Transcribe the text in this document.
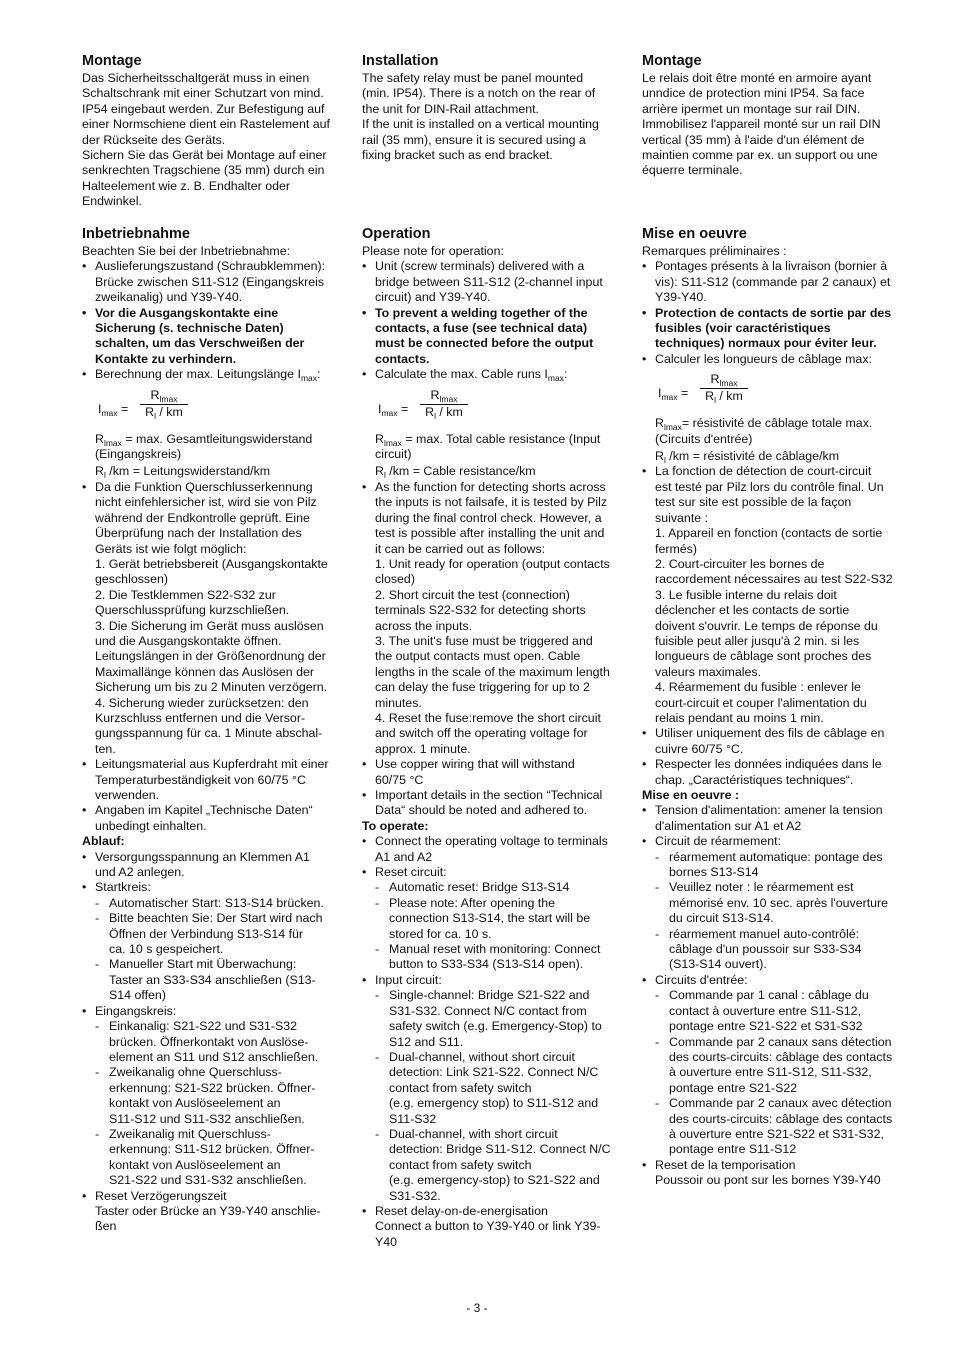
Montage
Das Sicherheitsschaltgerät muss in einen
Schaltschrank mit einer Schutzart von mind.
IP54 eingebaut werden. Zur Befestigung auf
einer Normschiene dient ein Rastelement auf
der Rückseite des Geräts.
Sichern Sie das Gerät bei Montage auf einer
senkrechten Tragschiene (35 mm) durch ein
Halteelement wie z. B. Endhalter oder
Endwinkel.
Inbetriebnahme
Beachten Sie bei der Inbetriebnahme:
• Auslieferungszustand (Schraubklemmen):
Brücke zwischen S11-S12 (Eingangskreis
zweikanalig) und Y39-Y40.
• Vor die Ausgangskontakte eine
Sicherung (s. technische Daten)
schalten, um das Verschweißen der
Kontakte zu verhindern.
• Berechnung der max. Leitungslänge $I_{max}$:
$I_{max}$ =
$R_{lmax}$
$R_l$ / km
$R_{lmax} = \max$. Gesamtleitungswiderstand
(Eingangskreis)
$R_l$ /km = Leitungswiderstand/km
• Da die Funktion Querschlusserkennung
nicht einfehlersicher ist, wird sie von Pilz
während der Endkontrolle geprüft. Eine
Überprüfung nach der Installation des
Geräts ist wie folgt möglich:
1. Gerät betriebsbereit (Ausgangskontakte
geschlossen)
2. Die Testklemmen S22-S32 zur
Querschlussprüfung kurzschließen.
3. Die Sicherung im Gerät muss auslösen
und die Ausgangskontakte öffnen.
Leitungslängen in der Größenordnung der
Maximallänge können das Auslösen der
Sicherung um bis zu 2 Minuten verzögern.
4. Sicherung wieder zurücksetzen: den
Kurzschluss entfernen und die Versor-
gungsspannung für ca. 1 Minute abschal-
ten.
• Leitungsmaterial aus Kupferdraht mit einer
Temperaturbeständigkeit von 60/75 °C
verwenden.
• Angaben im Kapitel „Technische Daten“
unbedingt einhalten.
Ablauf:
• Versorgungsspannung an Klemmen A1
und A2 anlegen.
• Startkreis:
- Automatischer Start: S13-S14 brücken.
- Bitte beachten Sie: Der Start wird nach
Öffnen der Verbindung S13-S14 für
ca. 10 s gespeichert.
- Manueller Start mit Überwachung:
Taster an S33-S34 anschließen (S13-
S14 offen)
• Eingangskreis:
- Einkanalig: S21-S22 und S31-S32
brücken. Öffnerkontakt von Auslöse-
element an S11 und S12 anschließen.
- Zweikanalig ohne Querschluss-
erkennung: S21-S22 brücken. Öffner-
kontakt von Auslöseelement an
S11-S12 und S11-S32 anschließen.
- Zweikanalig mit Querschluss-
erkennung: S11-S12 brücken. Öffner-
kontakt von Auslöseelement an
S21-S22 und S31-S32 anschließen.
• Reset Verzögerungszeit
Taster oder Brücke an Y39-Y40 anschlie-
ßen
Installation
The safety relay must be panel mounted
(min. IP54). There is a notch on the rear of
the unit for DIN-Rail attachment.
If the unit is installed on a vertical mounting
rail (35 mm), ensure it is secured using a
fixing bracket such as end bracket.
Operation
Please note for operation:
• Unit (screw terminals) delivered with a
bridge between S11-S12 (2-channel input
circuit) and Y39-Y40.
• To prevent a welding together of the
contacts, a fuse (see technical data)
must be connected before the output
contacts.
• Calculate the max. Cable runs $I_{max}$:
$I_{max}$ =
$R_{lmax}$
$R_l$ / km
$R_{lmax} = \max$. Total cable resistance (Input
circuit)
$R_l$ /km = Cable resistance/km
• As the function for detecting shorts across
the inputs is not failsafe, it is tested by Pilz
during the final control check. However, a
test is possible after installing the unit and
it can be carried out as follows:
1. Unit ready for operation (output contacts
closed)
2. Short circuit the test (connection)
terminals S22-S32 for detecting shorts
across the inputs.
3. The unit's fuse must be triggered and
the output contacts must open. Cable
lengths in the scale of the maximum length
can delay the fuse triggering for up to 2
minutes.
4. Reset the fuse:remove the short circuit
and switch off the operating voltage for
approx. 1 minute.
• Use copper wiring that will withstand
60/75 °C
• Important details in the section “Technical
Data“ should be noted and adhered to.
To operate:
• Connect the operating voltage to terminals
A1 and A2
• Reset circuit:
- Automatic reset: Bridge S13-S14
- Please note: After opening the
connection S13-S14, the start will be
stored for ca. 10 s.
- Manual reset with monitoring: Connect
button to S33-S34 (S13-S14 open).
• Input circuit:
- Single-channel: Bridge S21-S22 and
S31-S32. Connect N/C contact from
safety switch (e.g. Emergency-Stop) to
S12 and S11.
- Dual-channel, without short circuit
detection: Link S21-S22. Connect N/C
contact from safety switch
(e.g. emergency stop) to S11-S12 and
S11-S32
- Dual-channel, with short circuit
detection: Bridge S11-S12. Connect N/C
contact from safety switch
(e.g. emergency-stop) to S21-S22 and
S31-S32.
• Reset delay-on-de-energisation
Connect a button to Y39-Y40 or link Y39-
Y40
Montage
Le relais doit être monté en armoire ayant
unndice de protection mini IP54. Sa face
arrière ipermet un montage sur rail DIN.
Immobilisez l'appareil monté sur un rail DIN
vertical (35 mm) à l'aide d'un élément de
maintien comme par ex. un support ou une
équerre terminale.
Mise en oeuvre
Remarques préliminaires :
• Pontages présents à la livraison (bornier à
vis): S11-S12 (commande par 2 canaux) et
Y39-Y40.
• Protection de contacts de sortie par des
fusibles (voir caractéristiques
techniques) normaux pour éviter leur.
• Calculer les longueurs de câblage max:
$I_{max}$ =
$R_{lmax}$
$R_l$ / km
$R_{lmax}=$ résistivité de câblage totale max.
(Circuits d'entrée)
$R_l$ /km = résistivité de câblage/km
• La fonction de détection de court-circuit
est testé par Pilz lors du contrôle final. Un
test sur site est possible de la façon
suivante :
1. Appareil en fonction (contacts de sortie
fermés)
2. Court-circuiter les bornes de
raccordement nécessaires au test S22-S32
3. Le fusible interne du relais doit
déclencher et les contacts de sortie
doivent s'ouvrir. Le temps de réponse du
fuisible peut aller jusqu'à 2 min. si les
longueurs de câblage sont proches des
valeurs maximales.
4. Réarmement du fusible : enlever le
court-circuit et couper l'alimentation du
relais pendant au moins 1 min.
• Utiliser uniquement des fils de câblage en
cuivre 60/75 °C.
• Respecter les données indiquées dans le
chap. „Caractéristiques techniques“.
Mise en oeuvre :
• Tension d'alimentation: amener la tension
d'alimentation sur A1 et A2
• Circuit de réarmement:
- réarmement automatique: pontage des
bornes S13-S14
- Veuillez noter : le réarmement est
mémorisé env. 10 sec. après l'ouverture
du circuit S13-S14.
- réarmement manuel auto-contrôlé:
câblage d'un poussoir sur S33-S34
(S13-S14 ouvert).
• Circuits d'entrée:
- Commande par 1 canal : câblage du
contact à ouverture entre S11-S12,
pontage entre S21-S22 et S31-S32
- Commande par 2 canaux sans détection
des courts-circuits: câblage des contacts
à ouverture entre S11-S12, S11-S32,
pontage entre S21-S22
- Commande par 2 canaux avec détection
des courts-circuits: câblage des contacts
à ouverture entre S21-S22 et S31-S32,
pontage entre S11-S12
• Reset de la temporisation
Poussoir ou pont sur les bornes Y39-Y40
- 3 -
